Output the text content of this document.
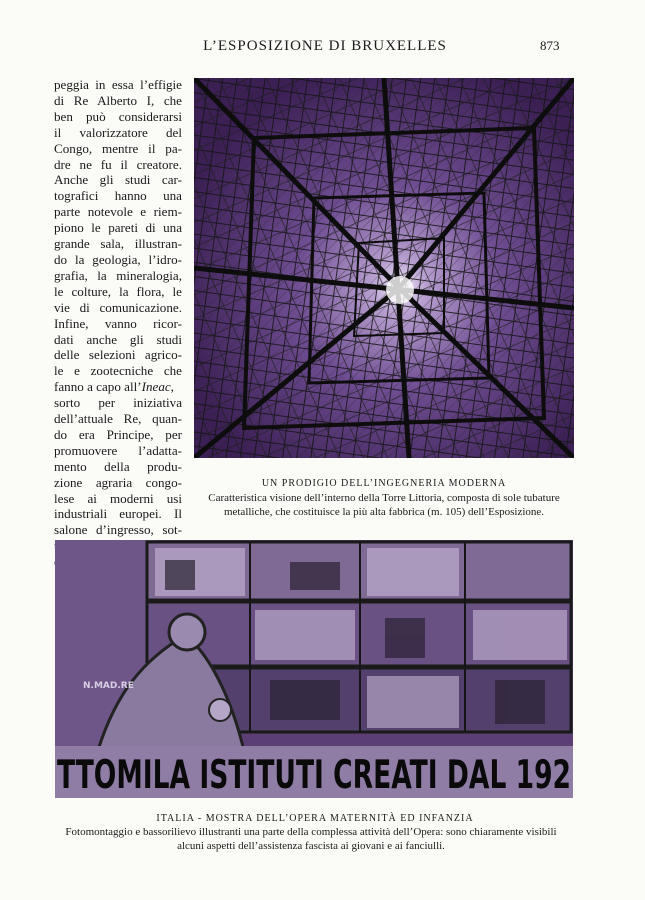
L’ESPOSIZIONE DI BRUXELLES	873
peggia in essa l’effigie
di Re Alberto I, che
ben può considerarsi
il valorizzatore del
Congo, mentre il pa-
dre ne fu il creatore.
Anche gli studi car-
tografici hanno una
parte notevole e riem-
piono le pareti di una
grande sala, illustran-
do la geologia, l’idro-
grafia, la mineralogia,
le colture, la flora, le
vie di comunicazione.
Infine, vanno ricor-
dati anche gli studi
delle selezioni agrico-
le e zootecniche che
fanno a capo all’Ineac,
sorto per iniziativa
dell’attuale Re, quan-
do era Principe, per
promuovere l’adatta-
mento della produ-
zione agraria congo-
lese ai moderni usi
industriali europei. Il
salone d’ingresso, sot-
UN PRODIGIO DELL’INGEGNERIA MODERNA
Caratteristica visione dell’interno della Torre Littoria, composta di sole tubature metalliche, che costituisce la più alta fabbrica (m. 105) dell’Esposizione.
N.MAD.RE
TTOMILA ISTITUTI CREATI DAL 192
ITALIA - MOSTRA DELL’OPERA MATERNITÀ ED INFANZIA
Fotomontaggio e bassorilievo illustranti una parte della complessa attività dell’Opera: sono chiaramente visibili alcuni aspetti dell’assistenza fascista ai giovani e ai fanciulli.
